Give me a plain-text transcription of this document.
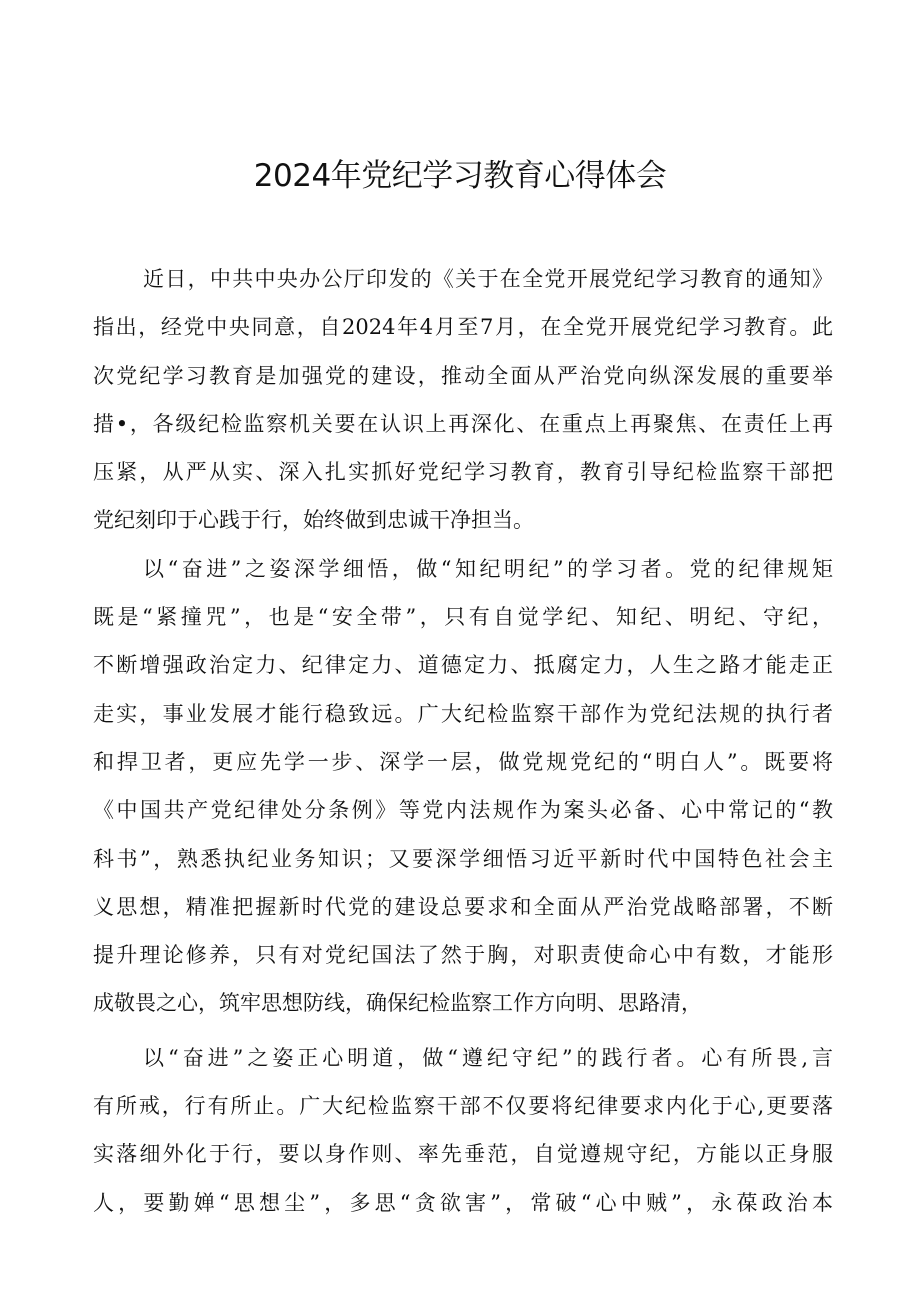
2024年党纪学习教育心得体会
近日，中共中央办公厅印发的《关于在全党开展党纪学习教育的通知》
指出，经党中央同意，自2024年4月至7月，在全党开展党纪学习教育。此
次党纪学习教育是加强党的建设，推动全面从严治党向纵深发展的重要举
措•，各级纪检监察机关要在认识上再深化、在重点上再聚焦、在责任上再
压紧，从严从实、深入扎实抓好党纪学习教育，教育引导纪检监察干部把
党纪刻印于心践于行，始终做到忠诚干净担当。
以“奋进”之姿深学细悟，做“知纪明纪”的学习者。党的纪律规矩
既是“紧撞咒”，也是“安全带”，只有自觉学纪、知纪、明纪、守纪，
不断增强政治定力、纪律定力、道德定力、抵腐定力，人生之路才能走正
走实，事业发展才能行稳致远。广大纪检监察干部作为党纪法规的执行者
和捍卫者，更应先学一步、深学一层，做党规党纪的“明白人”。既要将
《中国共产党纪律处分条例》等党内法规作为案头必备、心中常记的“教
科书”，熟悉执纪业务知识；又要深学细悟习近平新时代中国特色社会主
义思想，精准把握新时代党的建设总要求和全面从严治党战略部署，不断
提升理论修养，只有对党纪国法了然于胸，对职责使命心中有数，才能形
成敬畏之心，筑牢思想防线，确保纪检监察工作方向明、思路清，
以“奋进”之姿正心明道，做“遵纪守纪”的践行者。心有所畏,言
有所戒，行有所止。广大纪检监察干部不仅要将纪律要求内化于心,更要落
实落细外化于行，要以身作则、率先垂范，自觉遵规守纪，方能以正身服
人，要勤婵“思想尘”，多思“贪欲害”，常破“心中贼”，永葆政治本
